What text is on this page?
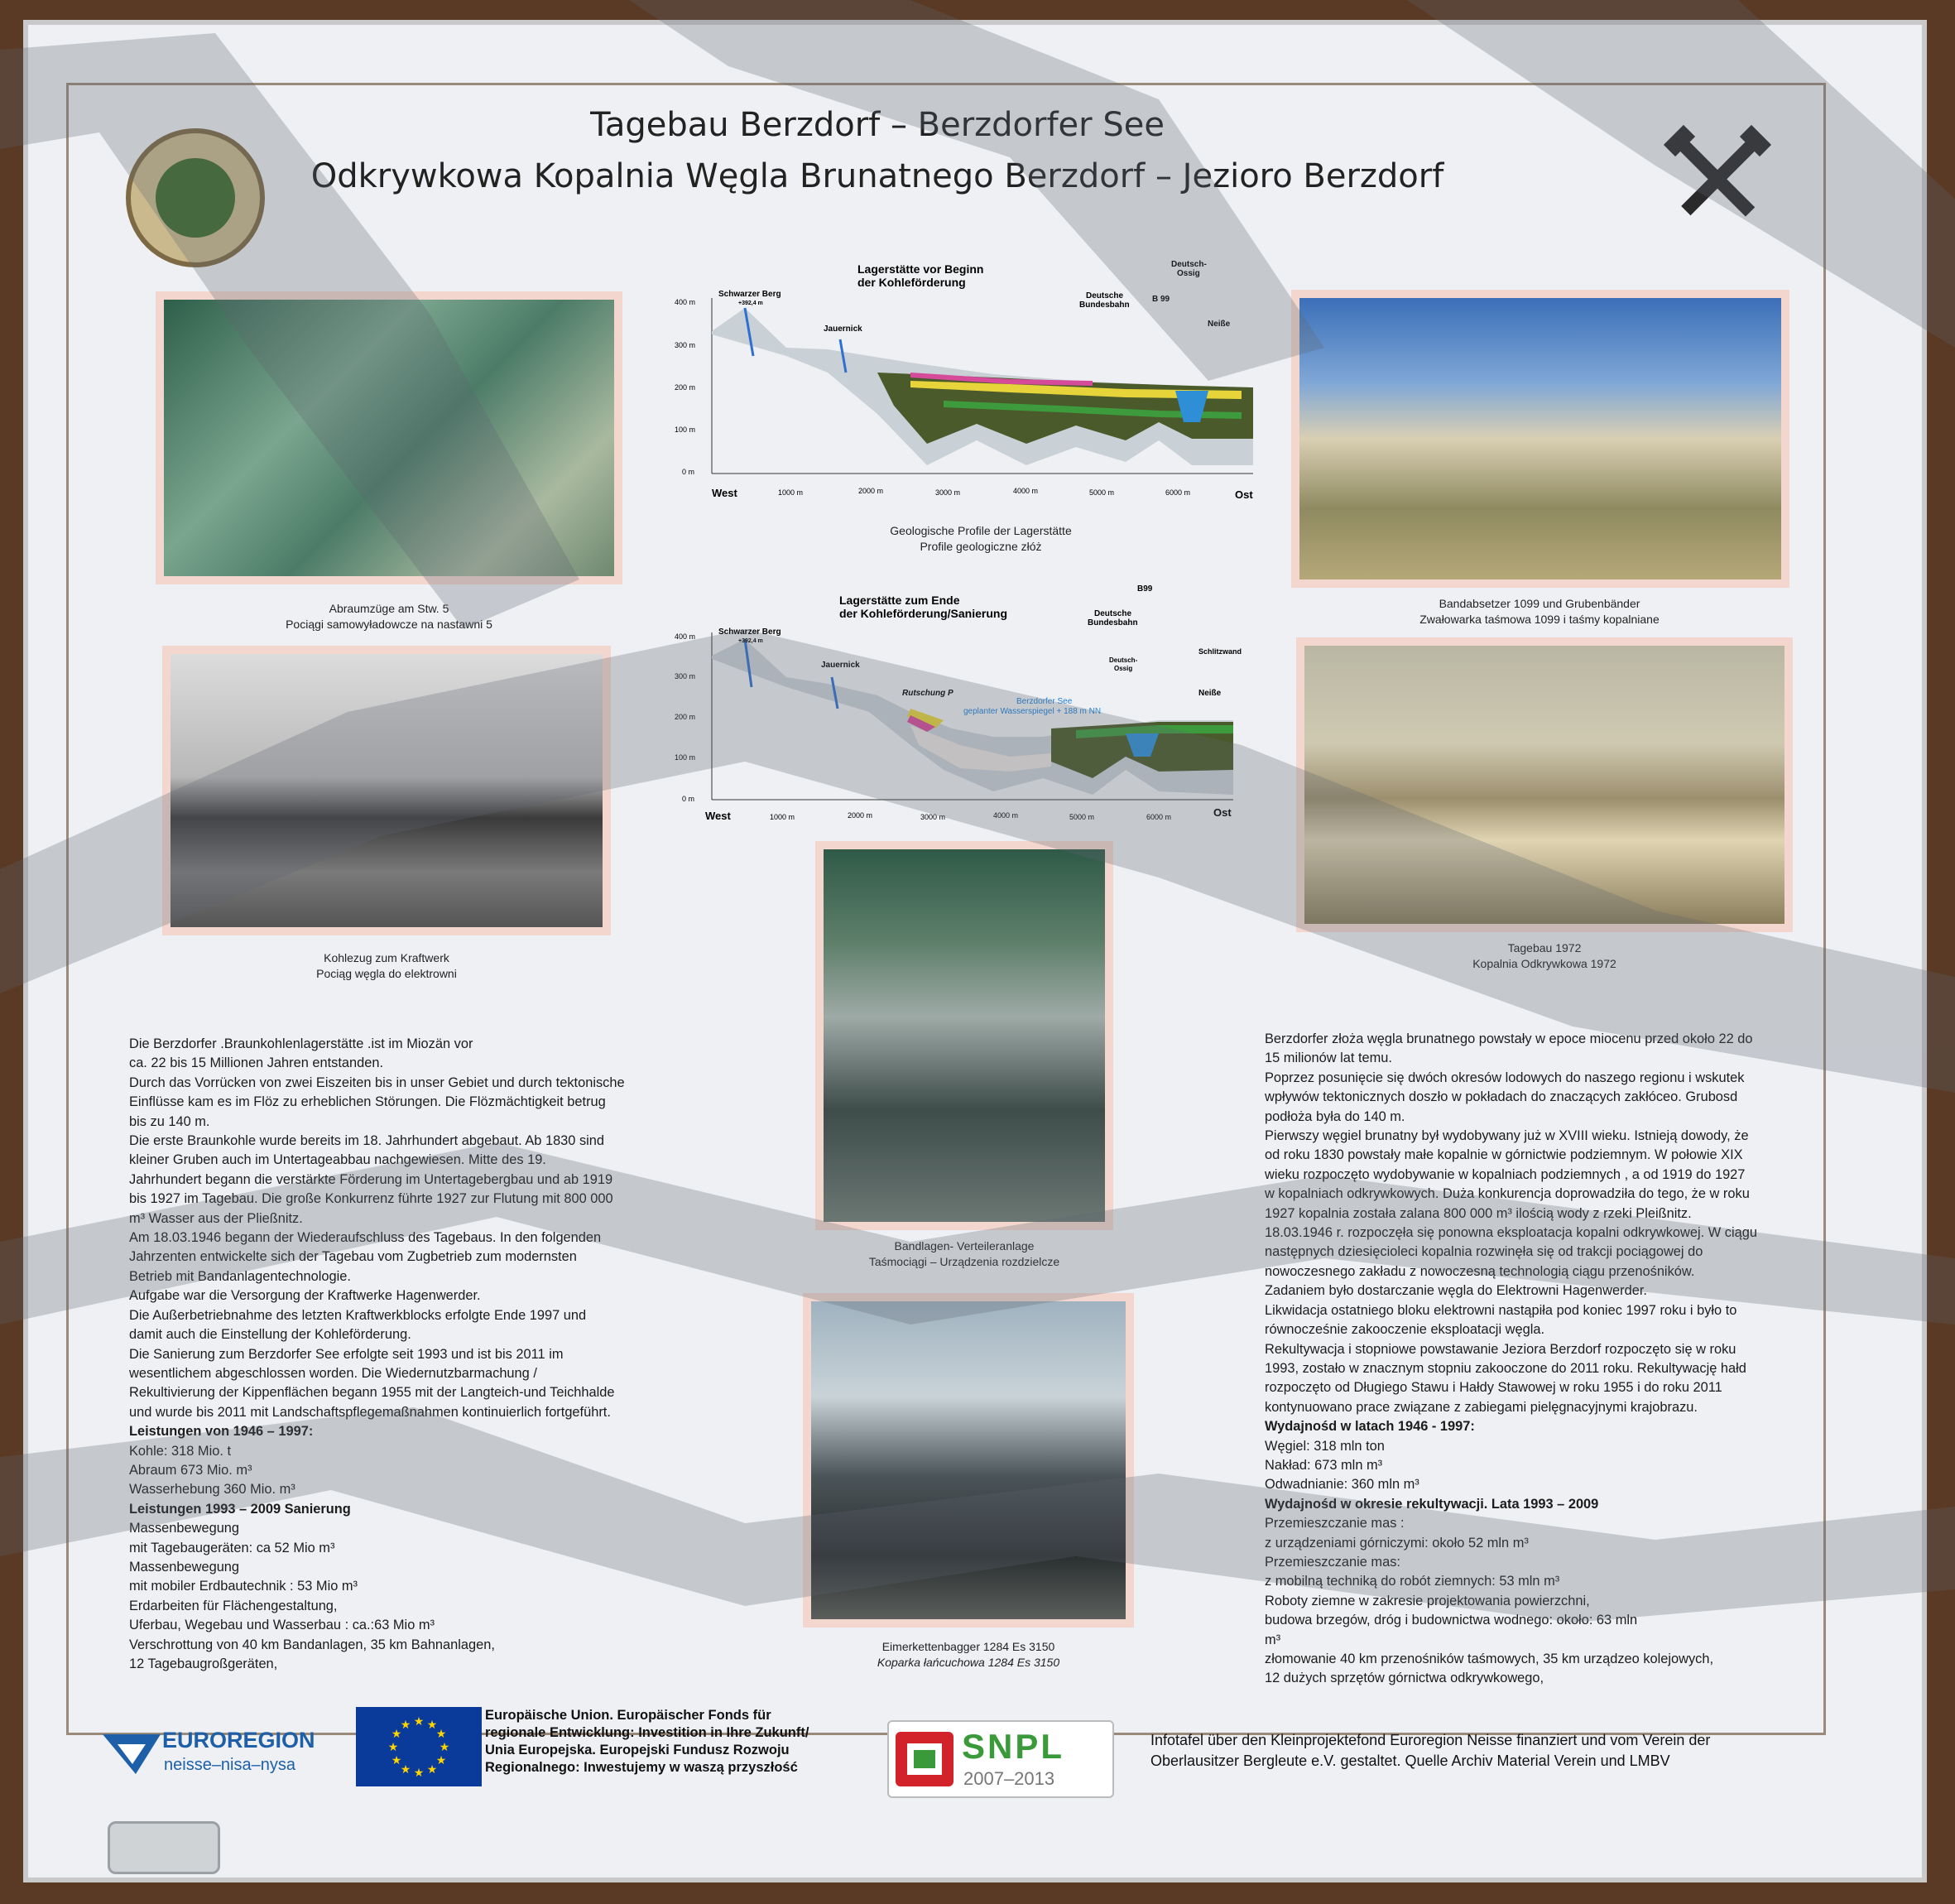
Tagebau Berzdorf – Berzdorfer See
Odkrywkowa Kopalnia Węgla Brunatnego Berzdorf – Jezioro Berzdorf
Abraumzüge am Stw. 5
Pociągi samowyładowcze na nastawni 5
Kohlezug zum Kraftwerk
Pociąg węgla do elektrowni
Bandabsetzer 1099 und Grubenbänder
Zwałowarka taśmowa 1099 i taśmy kopalniane
Tagebau 1972
Kopalnia Odkrywkowa 1972
Bandlagen- Verteileranlage
Taśmociągi – Urządzenia rozdzielcze
Eimerkettenbagger 1284 Es 3150
Koparka łańcuchowa 1284 Es 3150
Lagerstätte vor Beginn
der Kohleförderung
400 m
300 m
200 m
100 m
0 m
Schwarzer Berg
+392,4 m
Jauernick
Deutsche
Bundesbahn
B 99
Deutsch-
Ossig
Neiße
1000 m	2000 m	3000 m	4000 m	5000 m	6000 m
West	Ost
Geologische Profile der Lagerstätte
Profile geologiczne złóż
Lagerstätte zum Ende
der Kohleförderung/Sanierung
400 m
300 m
200 m
100 m
0 m
Schwarzer Berg
+392,4 m
Jauernick
Rutschung P
Berzdorfer See
geplanter Wasserspiegel + 188 m NN
Deutsche
Bundesbahn
B99
Deutsch-
Ossig
Schlitzwand
Neiße
1000 m	2000 m	3000 m	4000 m	5000 m	6000 m
West	Ost
Die Berzdorfer .Braunkohlenlagerstätte .ist im Miozän vor
ca. 22 bis 15 Millionen Jahren entstanden.
Durch das Vorrücken von zwei Eiszeiten bis in unser Gebiet und durch tektonische
Einflüsse kam es im Flöz zu erheblichen Störungen. Die Flözmächtigkeit betrug
bis zu 140 m.
Die erste Braunkohle wurde bereits im 18. Jahrhundert abgebaut. Ab 1830 sind
kleiner Gruben auch im Untertageabbau nachgewiesen. Mitte des 19.
Jahrhundert begann die verstärkte Förderung im Untertagebergbau und ab 1919
bis 1927 im Tagebau. Die große Konkurrenz führte 1927 zur Flutung mit 800 000
m³ Wasser aus der Pließnitz.
Am 18.03.1946 begann der Wiederaufschluss des Tagebaus. In den folgenden
Jahrzenten entwickelte sich der Tagebau vom Zugbetrieb zum modernsten
Betrieb mit Bandanlagentechnologie.
Aufgabe war die Versorgung der Kraftwerke Hagenwerder.
Die Außerbetriebnahme des letzten Kraftwerkblocks erfolgte Ende 1997 und
damit auch die Einstellung der Kohleförderung.
Die Sanierung zum Berzdorfer See erfolgte seit 1993 und ist bis 2011 im
wesentlichem abgeschlossen worden. Die Wiedernutzbarmachung /
Rekultivierung der Kippenflächen begann 1955 mit der Langteich-und Teichhalde
und wurde bis 2011 mit Landschaftspflegemaßnahmen kontinuierlich fortgeführt.
Leistungen von 1946 – 1997:
Kohle: 318 Mio. t
Abraum 673 Mio. m³
Wasserhebung 360 Mio. m³
Leistungen 1993 – 2009 Sanierung
Massenbewegung
mit Tagebaugeräten: ca 52 Mio m³
Massenbewegung
mit mobiler Erdbautechnik : 53 Mio m³
Erdarbeiten für Flächengestaltung,
Uferbau, Wegebau und Wasserbau : ca.:63 Mio m³
Verschrottung von 40 km Bandanlagen, 35 km Bahnanlagen,
12 Tagebaugroßgeräten,
Berzdorfer złoża węgla brunatnego powstały w epoce miocenu przed około 22 do
15 milionów lat temu.
Poprzez posunięcie się dwóch okresów lodowych do naszego regionu i wskutek
wpływów tektonicznych doszło w pokładach do znaczących zakłóceo. Grubosd
podłoża była do 140 m.
Pierwszy węgiel brunatny był wydobywany już w XVIII wieku. Istnieją dowody, że
od roku 1830 powstały małe kopalnie w górnictwie podziemnym. W połowie XIX
wieku rozpoczęto wydobywanie w kopalniach podziemnych , a od 1919 do 1927
w kopalniach odkrywkowych. Duża konkurencja doprowadziła do tego, że w roku
1927 kopalnia została zalana 800 000 m³ ilością wody z rzeki Pleißnitz.
18.03.1946 r. rozpoczęła się ponowna eksploatacja kopalni odkrywkowej. W ciągu
następnych dziesięcioleci kopalnia rozwinęła się od trakcji pociągowej do
nowoczesnego zakładu z nowoczesną technologią ciągu przenośników.
Zadaniem było dostarczanie węgla do Elektrowni Hagenwerder.
Likwidacja ostatniego bloku elektrowni nastąpiła pod koniec 1997 roku i było to
równocześnie zakooczenie eksploatacji węgla.
Rekultywacja i stopniowe powstawanie Jeziora Berzdorf rozpoczęto się w roku
1993, zostało w znacznym stopniu zakooczone do 2011 roku. Rekultywację hałd
rozpoczęto od Długiego Stawu i Hałdy Stawowej w roku 1955 i do roku 2011
kontynuowano prace związane z zabiegami pielęgnacyjnymi krajobrazu.
Wydajnośd w latach 1946 - 1997:
Węgiel: 318 mln ton
Nakład: 673 mln m³
Odwadnianie: 360 mln m³
Wydajnośd w okresie rekultywacji. Lata 1993 – 2009
Przemieszczanie mas :
z urządzeniami górniczymi: około 52 mln m³
Przemieszczanie mas:
z mobilną techniką do robót ziemnych: 53 mln m³
Roboty ziemne w zakresie projektowania powierzchni,
budowa brzegów, dróg i budownictwa wodnego: około: 63 mln
m³
złomowanie 40 km przenośników taśmowych, 35 km urządzeo kolejowych,
12 dużych sprzętów górnictwa odkrywkowego,
EUROREGION
neisse–nisa–nysa
★ ★
★
★
★
★
★
★
★
★
★
★
Europäische Union. Europäischer Fonds für
regionale Entwicklung: Investition in Ihre Zukunft/
Unia Europejska. Europejski Fundusz Rozwoju
Regionalnego: Inwestujemy w waszą przyszłość
SNPL
2007–2013
Infotafel über den Kleinprojektefond Euroregion Neisse finanziert und vom Verein der
Oberlausitzer Bergleute e.V. gestaltet. Quelle Archiv Material Verein und LMBV
